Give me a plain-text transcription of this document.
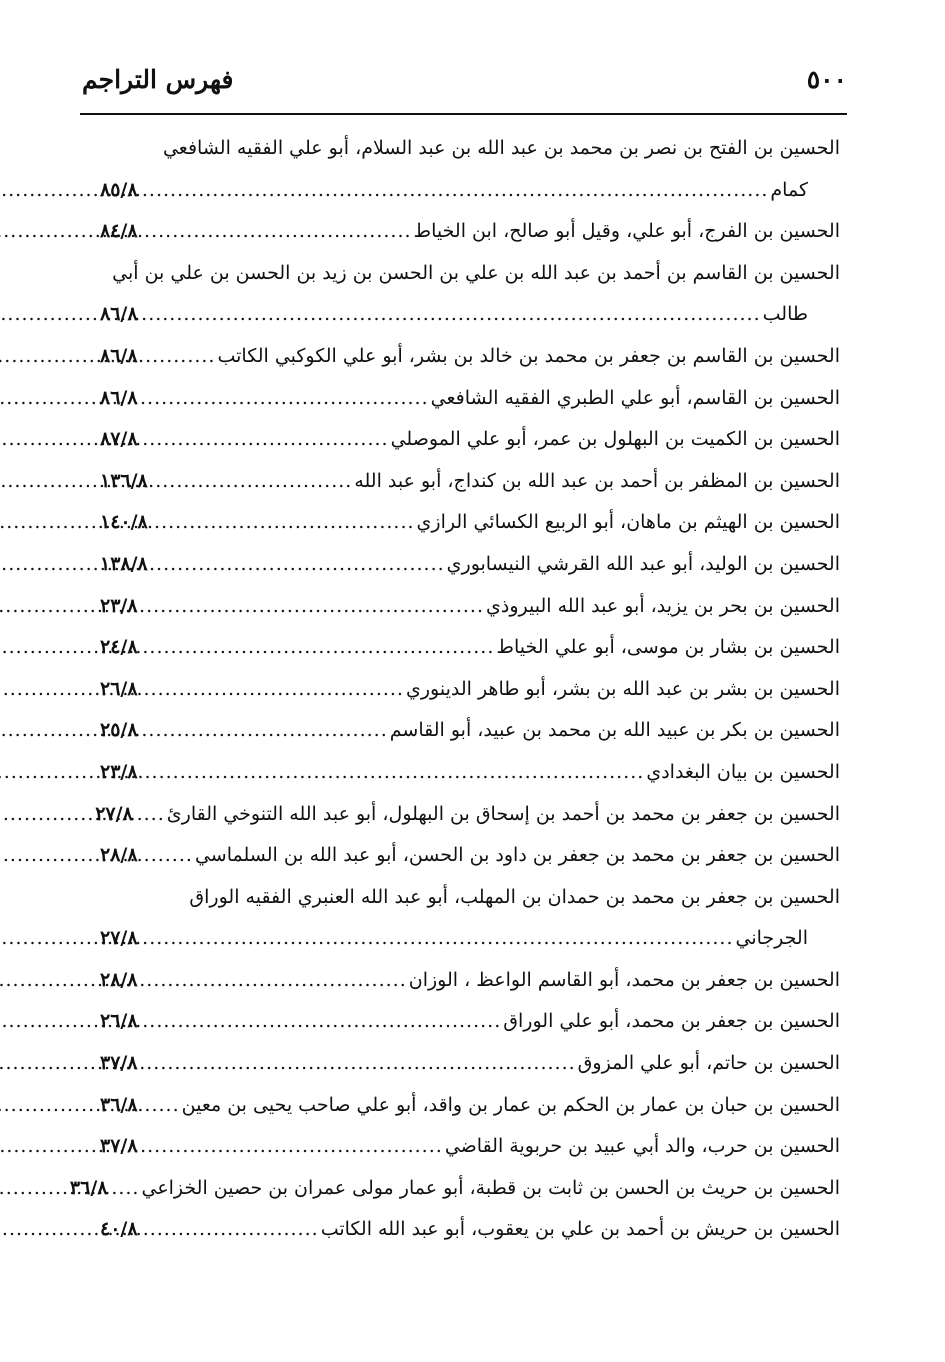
٥٠٠
فهرس التراجم
الحسين بن الفتح بن نصر بن محمد بن عبد الله بن عبد السلام، أبو علي الفقيه الشافعي
كمام
.....
٨٥/٨
الحسين بن الفرج، أبو علي، وقيل أبو صالح، ابن الخياط
.....
٨٤/٨
الحسين بن القاسم بن أحمد بن عبد الله بن علي بن الحسن بن زيد بن الحسن بن علي بن أبي
طالب
.....
٨٦/٨
الحسين بن القاسم بن جعفر بن محمد بن خالد بن بشر، أبو علي الكوكبي الكاتب
.....
٨٦/٨
الحسين بن القاسم، أبو علي الطبري الفقيه الشافعي
.....
٨٦/٨
الحسين بن الكميت بن البهلول بن عمر، أبو علي الموصلي
.....
٨٧/٨
الحسين بن المظفر بن أحمد بن عبد الله بن كنداج، أبو عبد الله
.....
١٣٦/٨
الحسين بن الهيثم بن ماهان، أبو الربيع الكسائي الرازي
.....
١٤٠/٨
الحسين بن الوليد، أبو عبد الله القرشي النيسابوري
.....
١٣٨/٨
الحسين بن بحر بن يزيد، أبو عبد الله البيروذي
.....
٢٣/٨
الحسين بن بشار بن موسى، أبو علي الخياط
.....
٢٤/٨
الحسين بن بشر بن عبد الله بن بشر، أبو طاهر الدينوري
.....
٢٦/٨
الحسين بن بكر بن عبيد الله بن محمد بن عبيد، أبو القاسم
.....
٢٥/٨
الحسين بن بيان البغدادي
.....
٢٣/٨
الحسين بن جعفر بن محمد بن أحمد بن إسحاق بن البهلول، أبو عبد الله التنوخي القارئ
.....
٢٧/٨
الحسين بن جعفر بن محمد بن جعفر بن داود بن الحسن، أبو عبد الله بن السلماسي
.....
٢٨/٨
الحسين بن جعفر بن محمد بن حمدان بن المهلب، أبو عبد الله العنبري الفقيه الوراق
الجرجاني
.....
٢٧/٨
الحسين بن جعفر بن محمد، أبو القاسم الواعظ ، الوزان
.....
٢٨/٨
الحسين بن جعفر بن محمد، أبو علي الوراق
.....
٢٦/٨
الحسين بن حاتم، أبو علي المزوق
.....
٣٧/٨
الحسين بن حبان بن عمار بن الحكم بن عمار بن واقد، أبو علي صاحب يحيى بن معين
.....
٣٦/٨
الحسين بن حرب، والد أبي عبيد بن حربوية القاضي
.....
٣٧/٨
الحسين بن حريث بن الحسن بن ثابت بن قطبة، أبو عمار مولى عمران بن حصين الخزاعي
.....
٣٦/٨
الحسين بن حريش بن أحمد بن علي بن يعقوب، أبو عبد الله الكاتب
.....
٤٠/٨
